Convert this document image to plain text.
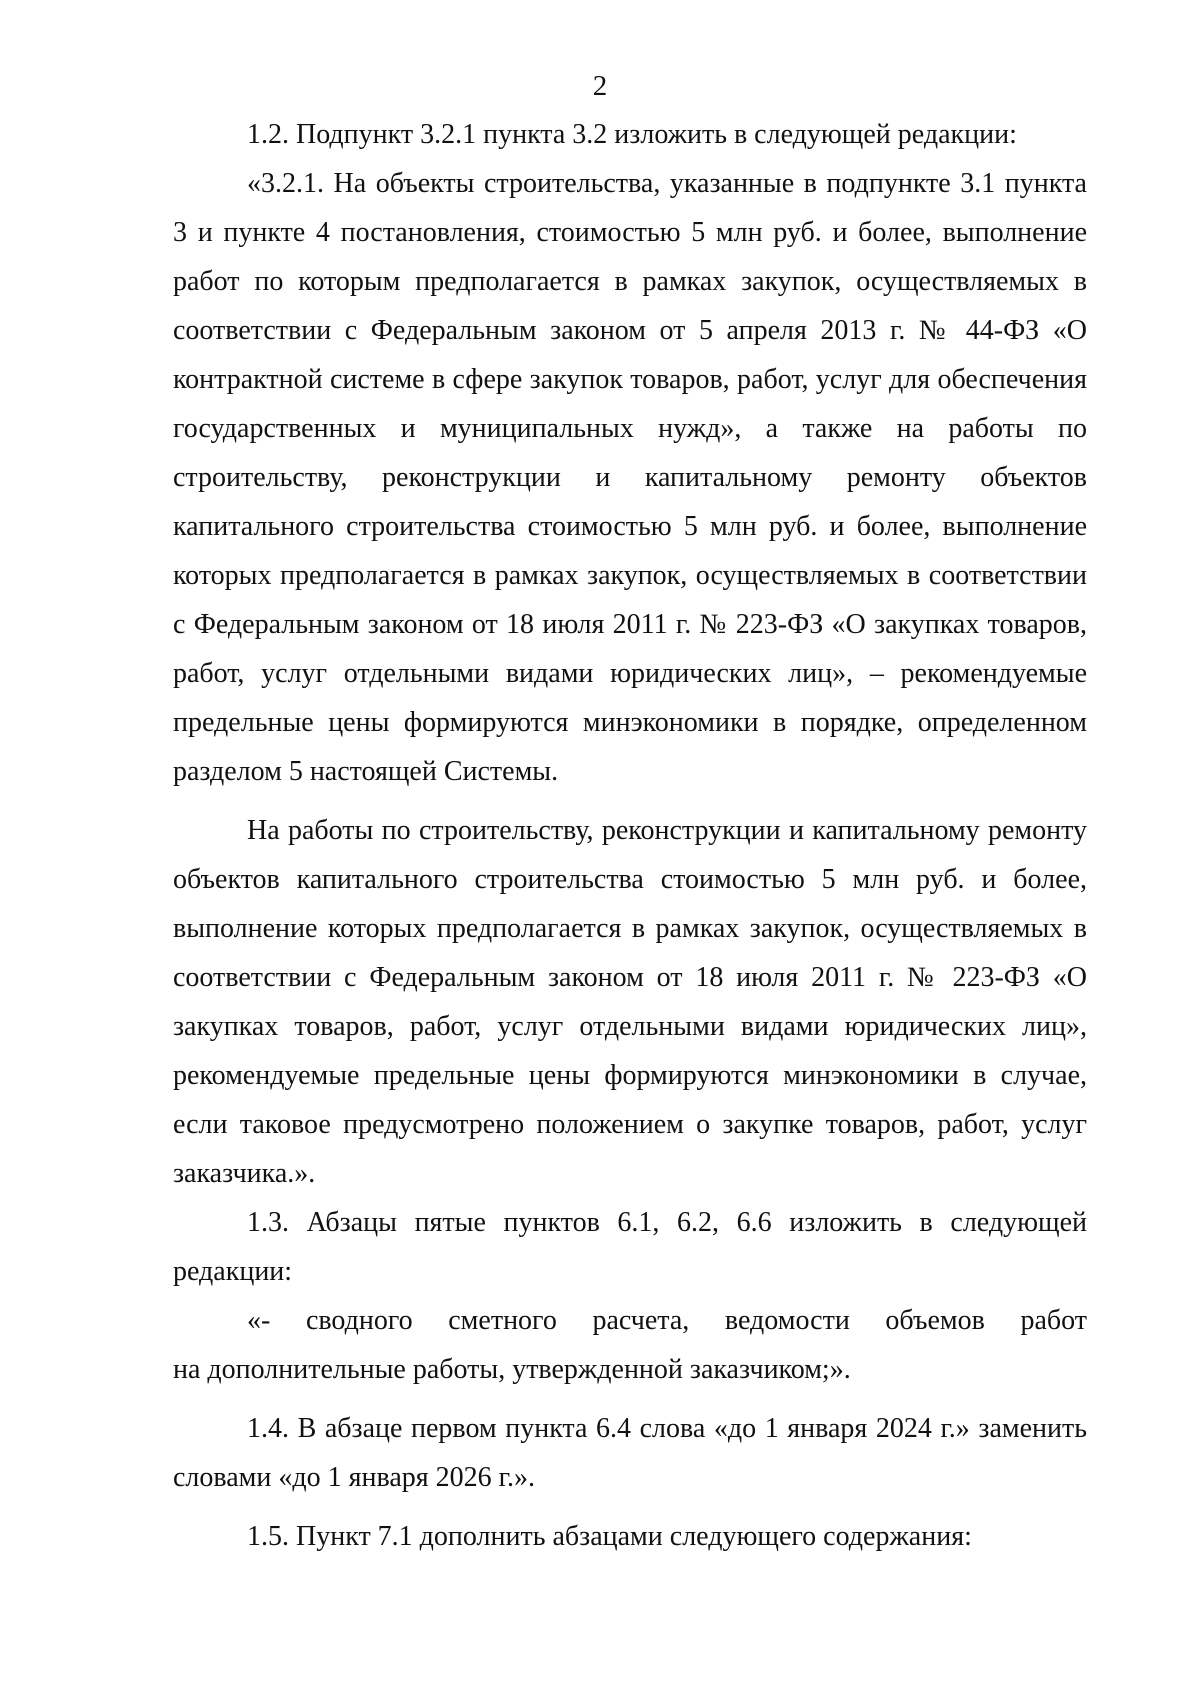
2

1.2. Подпункт 3.2.1 пункта 3.2 изложить в следующей редакции:

«3.2.1. На объекты строительства, указанные в подпункте 3.1 пункта 3 и пункте 4 постановления, стоимостью 5 млн руб. и более, выполнение работ по которым предполагается в рамках закупок, осуществляемых в соответствии с Федеральным законом от 5 апреля 2013 г. № 44-ФЗ «О контрактной системе в сфере закупок товаров, работ, услуг для обеспечения государственных и муниципальных нужд», а также на работы по строительству, реконструкции и капитальному ремонту объектов капитального строительства стоимостью 5 млн руб. и более, выполнение которых предполагается в рамках закупок, осуществляемых в соответствии с Федеральным законом от 18 июля 2011 г. № 223-ФЗ «О закупках товаров, работ, услуг отдельными видами юридических лиц», – рекомендуемые предельные цены формируются минэкономики в порядке, определенном разделом 5 настоящей Системы.

На работы по строительству, реконструкции и капитальному ремонту объектов капитального строительства стоимостью 5 млн руб. и более, выполнение которых предполагается в рамках закупок, осуществляемых в соответствии с Федеральным законом от 18 июля 2011 г. № 223-ФЗ «О закупках товаров, работ, услуг отдельными видами юридических лиц», рекомендуемые предельные цены формируются минэкономики в случае, если таковое предусмотрено положением о закупке товаров, работ, услуг заказчика.».

1.3. Абзацы пятые пунктов 6.1, 6.2, 6.6 изложить в следующей редакции:

«- сводного сметного расчета, ведомости объемов работ

на дополнительные работы, утвержденной заказчиком;».

1.4. В абзаце первом пункта 6.4 слова «до 1 января 2024 г.» заменить словами «до 1 января 2026 г.».

1.5. Пункт 7.1 дополнить абзацами следующего содержания:
